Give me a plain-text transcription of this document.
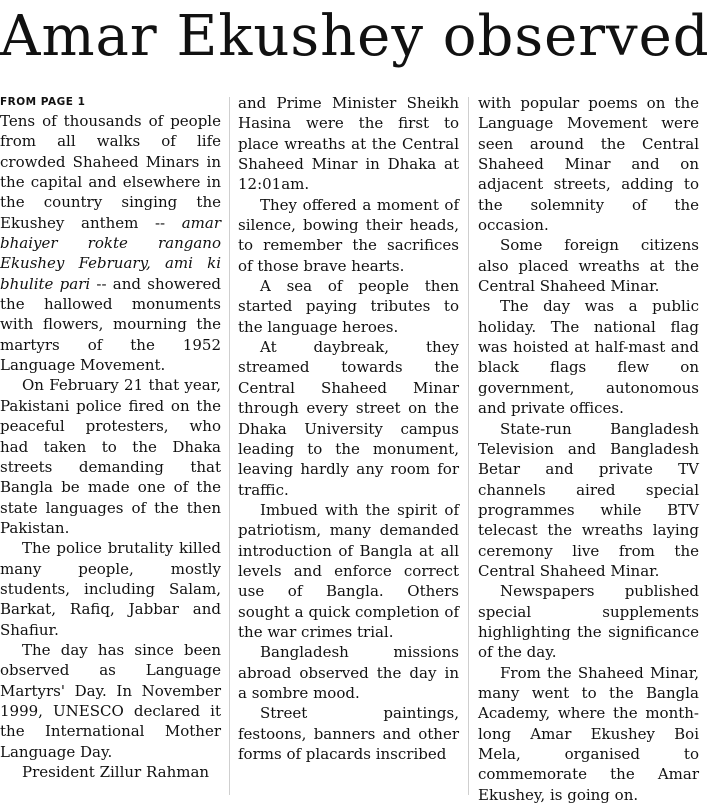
Amar Ekushey observed
FROM PAGE 1

Tens of thousands of people from all walks of life crowded Shaheed Minars in the capital and elsewhere in the country singing the Ekushey anthem -- amar bhaiyer rokte rangano Ekushey February, ami ki bhulite pari -- and showered the hallowed monuments with flowers, mourning the martyrs of the 1952 Language Movement.

On February 21 that year, Pakistani police fired on the peaceful protesters, who had taken to the Dhaka streets demanding that Bangla be made one of the state languages of the then Pakistan.

The police brutality killed many people, mostly students, including Salam, Barkat, Rafiq, Jabbar and Shafiur.

The day has since been observed as Language Martyrs' Day. In November 1999, UNESCO declared it the International Mother Language Day.

President Zillur Rahman

and Prime Minister Sheikh Hasina were the first to place wreaths at the Central Shaheed Minar in Dhaka at 12:01am.

They offered a moment of silence, bowing their heads, to remember the sacrifices of those brave hearts.

A sea of people then started paying tributes to the language heroes.

At daybreak, they streamed towards the Central Shaheed Minar through every street on the Dhaka University campus leading to the monument, leaving hardly any room for traffic.

Imbued with the spirit of patriotism, many demanded introduction of Bangla at all levels and enforce correct use of Bangla. Others sought a quick completion of the war crimes trial.

Bangladesh missions abroad observed the day in a sombre mood.

Street paintings, festoons, banners and other forms of placards inscribed

with popular poems on the Language Movement were seen around the Central Shaheed Minar and on adjacent streets, adding to the solemnity of the occasion.

Some foreign citizens also placed wreaths at the Central Shaheed Minar.

The day was a public holiday. The national flag was hoisted at half-mast and black flags flew on government, autonomous and private offices.

State-run Bangladesh Television and Bangladesh Betar and private TV channels aired special programmes while BTV telecast the wreaths laying ceremony live from the Central Shaheed Minar.

Newspapers published special supplements highlighting the significance of the day.

From the Shaheed Minar, many went to the Bangla Academy, where the month-long Amar Ekushey Boi Mela, organised to commemorate the Amar Ekushey, is going on.
